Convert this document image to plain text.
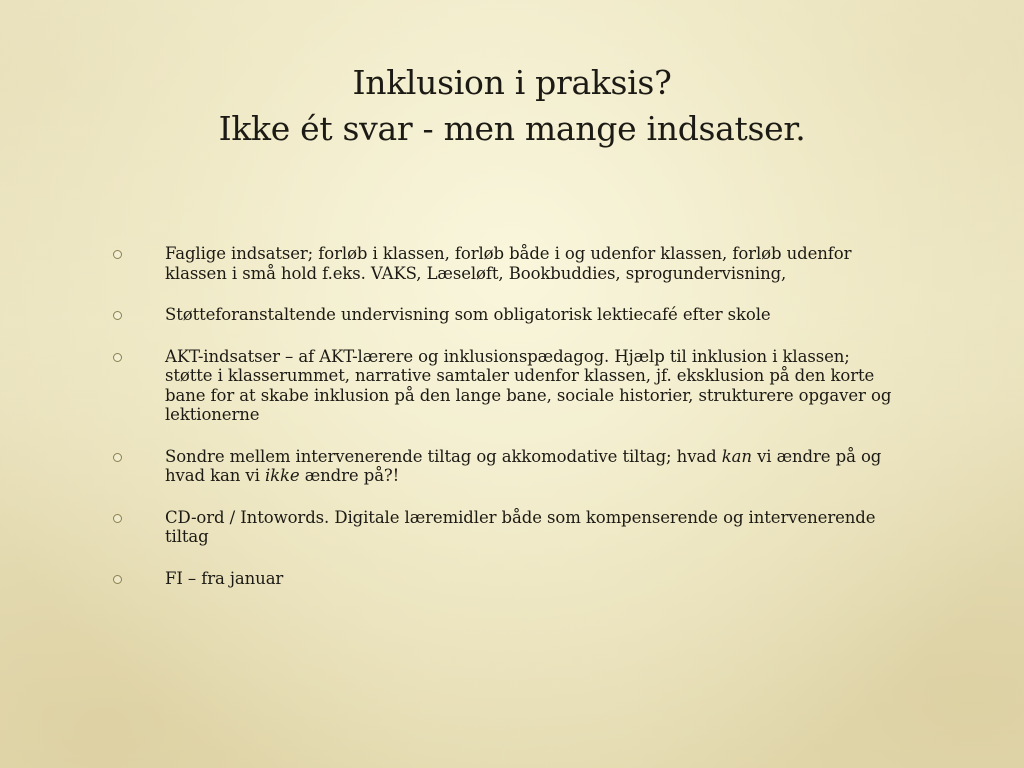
Inklusion i praksis?

Ikke ét svar - men mange indsatser.

Faglige indsatser; forløb i klassen, forløb både i og udenfor klassen, forløb udenfor klassen i små hold f.eks. VAKS, Læseløft, Bookbuddies, sprogundervisning,
Støtteforanstaltende undervisning som obligatorisk lektiecafé efter skole
AKT-indsatser – af AKT-lærere og inklusionspædagog. Hjælp til inklusion i klassen; støtte i klasserummet, narrative samtaler udenfor klassen, jf. eksklusion på den korte bane for at skabe inklusion på den lange bane, sociale historier, strukturere opgaver og lektionerne
Sondre mellem intervenerende tiltag og akkomodative tiltag; hvad kan vi ændre på og hvad kan vi ikke ændre på?!
CD-ord / Intowords. Digitale læremidler både som kompenserende og intervenerende tiltag
FI – fra januar
